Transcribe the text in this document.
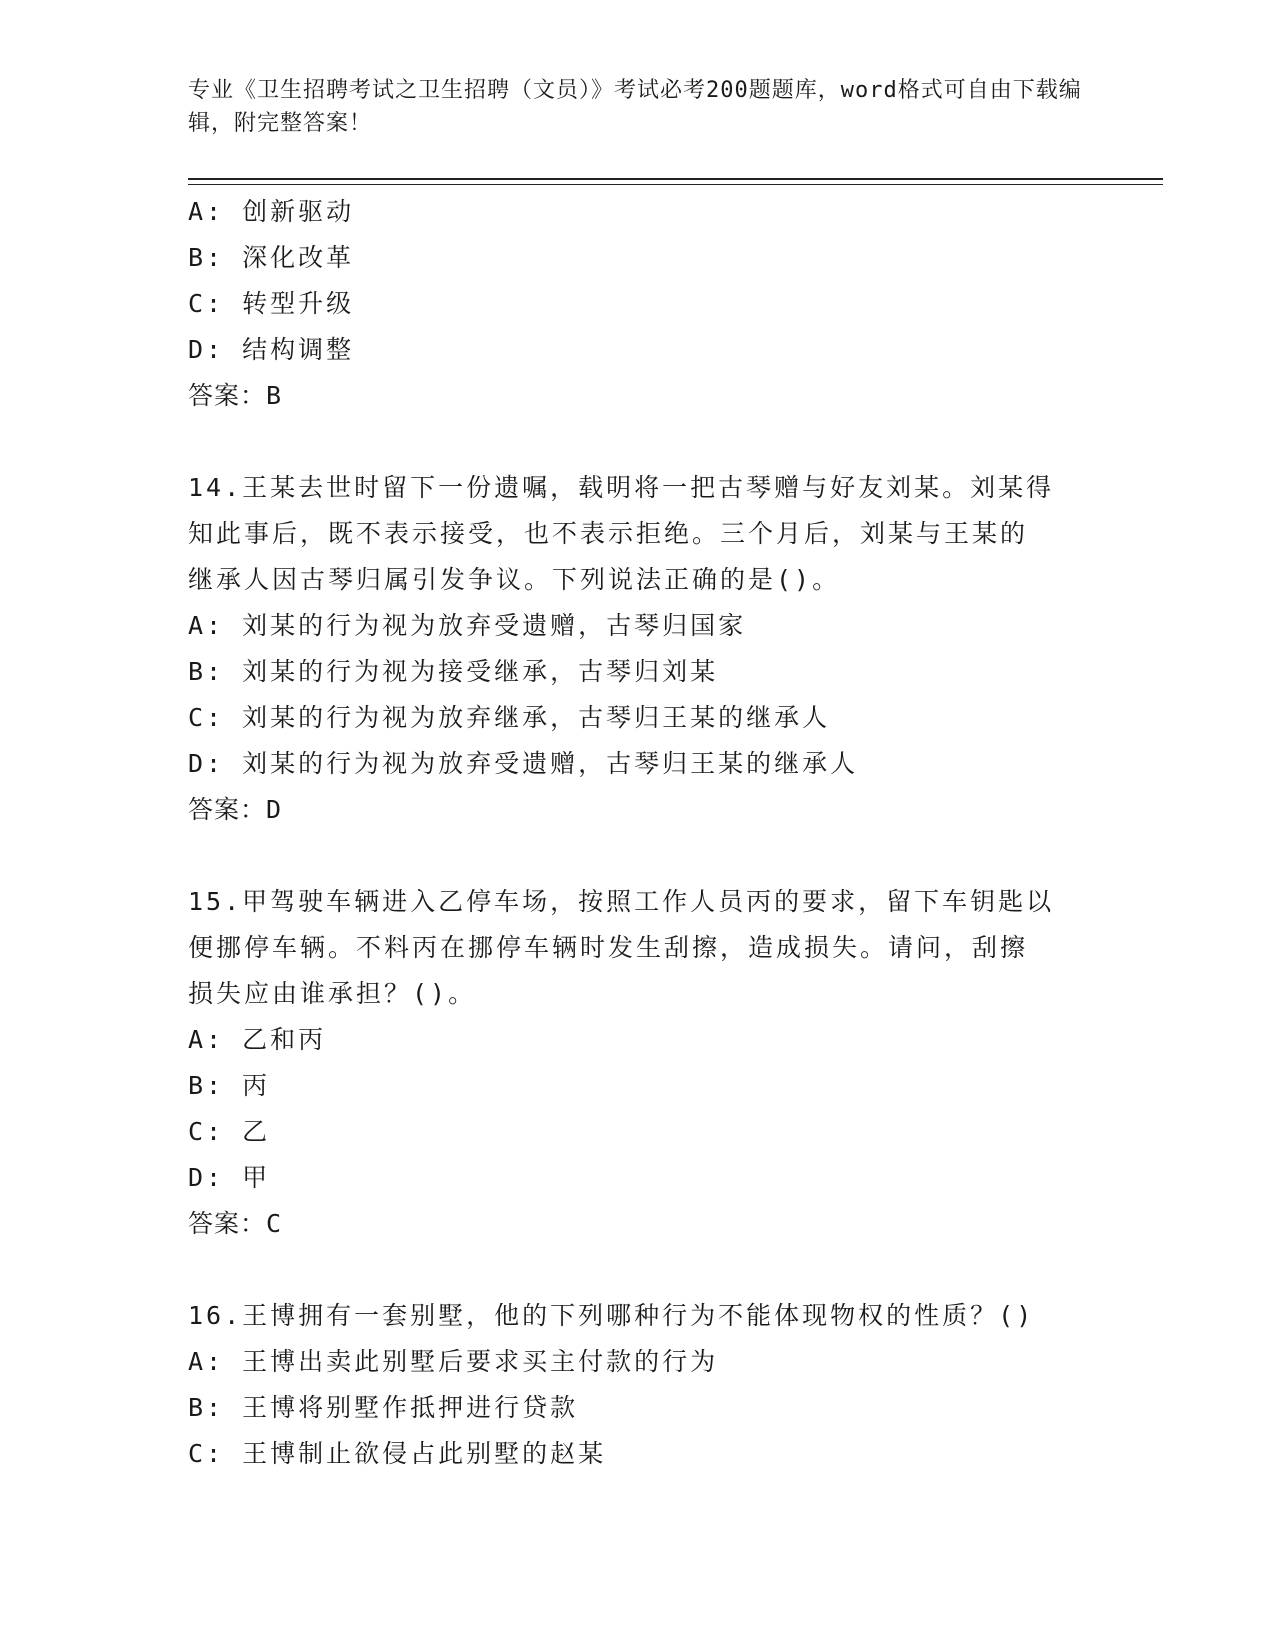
专业《卫生招聘考试之卫生招聘（文员）》考试必考200题题库，word格式可自由下载编辑，附完整答案！
A: 创新驱动
B: 深化改革
C: 转型升级
D: 结构调整
答案：B
14.王某去世时留下一份遗嘱，载明将一把古琴赠与好友刘某。刘某得
知此事后，既不表示接受，也不表示拒绝。三个月后，刘某与王某的
继承人因古琴归属引发争议。下列说法正确的是()。
A: 刘某的行为视为放弃受遗赠，古琴归国家
B: 刘某的行为视为接受继承，古琴归刘某
C: 刘某的行为视为放弃继承，古琴归王某的继承人
D: 刘某的行为视为放弃受遗赠，古琴归王某的继承人
答案：D
15.甲驾驶车辆进入乙停车场，按照工作人员丙的要求，留下车钥匙以
便挪停车辆。不料丙在挪停车辆时发生刮擦，造成损失。请问，刮擦
损失应由谁承担？()。
A: 乙和丙
B: 丙
C: 乙
D: 甲
答案：C
16.王博拥有一套别墅，他的下列哪种行为不能体现物权的性质？()
A: 王博出卖此别墅后要求买主付款的行为
B: 王博将别墅作抵押进行贷款
C: 王博制止欲侵占此别墅的赵某
